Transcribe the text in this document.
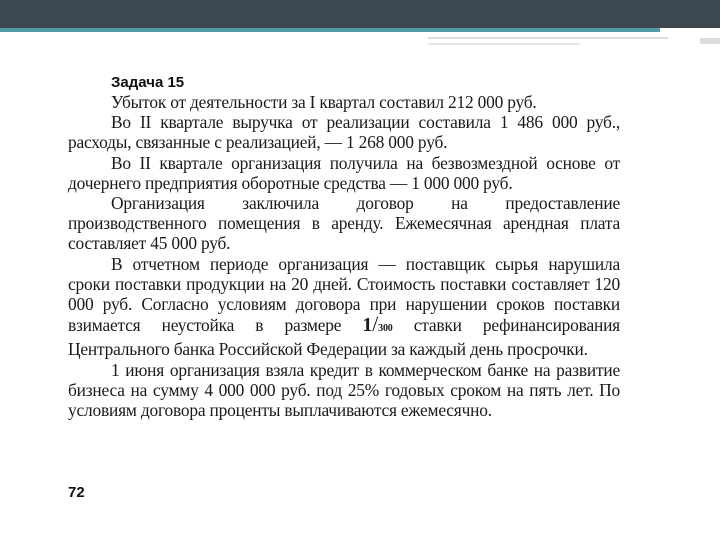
Задача 15

Убыток от деятельности за I квартал составил 212 000 руб.

Во II квартале выручка от реализации составила 1 486 000 руб., расходы, связанные с реализацией, — 1 268 000 руб.

Во II квартале организация получила на безвозмездной основе от дочернего предприятия оборотные средства — 1 000 000 руб.

Организация заключила договор на предоставление производственного помещения в аренду. Ежемесячная арендная плата составляет 45 000 руб.

В отчетном периоде организация — поставщик сырья нарушила сроки поставки продукции на 20 дней. Стоимость поставки составляет 120 000 руб. Согласно условиям договора при нарушении сроков поставки взимается неустойка в размере 1/300 ставки рефинансирования Центрального банка Российской Федерации за каждый день просрочки.

1 июня организация взяла кредит в коммерческом банке на развитие бизнеса на сумму 4 000 000 руб. под 25% годовых сроком на пять лет. По условиям договора проценты выплачиваются ежемесячно.

72
